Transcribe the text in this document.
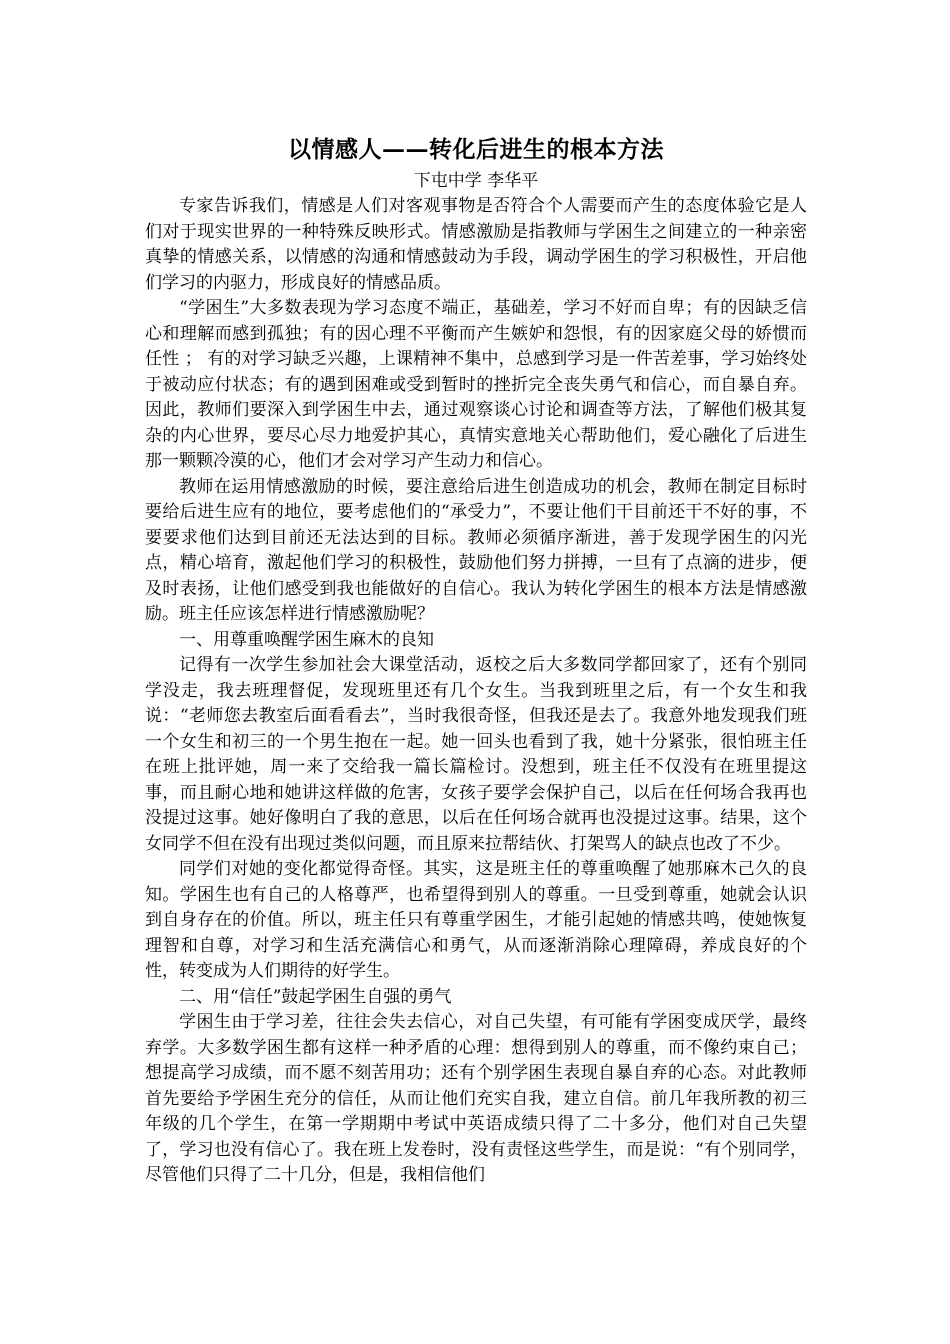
以情感人——转化后进生的根本方法

下屯中学 李华平

专家告诉我们，情感是人们对客观事物是否符合个人需要而产生的态度体验它是人们对于现实世界的一种特殊反映形式。情感激励是指教师与学困生之间建立的一种亲密真挚的情感关系，以情感的沟通和情感鼓动为手段，调动学困生的学习积极性，开启他们学习的内驱力，形成良好的情感品质。

“学困生”大多数表现为学习态度不端正，基础差，学习不好而自卑；有的因缺乏信心和理解而感到孤独；有的因心理不平衡而产生嫉妒和怨恨，有的因家庭父母的娇惯而任性 ； 有的对学习缺乏兴趣，上课精神不集中，总感到学习是一件苦差事，学习始终处于被动应付状态；有的遇到困难或受到暂时的挫折完全丧失勇气和信心，而自暴自弃。因此，教师们要深入到学困生中去，通过观察谈心讨论和调查等方法，了解他们极其复杂的内心世界，要尽心尽力地爱护其心，真情实意地关心帮助他们，爱心融化了后进生那一颗颗冷漠的心，他们才会对学习产生动力和信心。

教师在运用情感激励的时候，要注意给后进生创造成功的机会，教师在制定目标时要给后进生应有的地位，要考虑他们的“承受力”，不要让他们干目前还干不好的事，不要要求他们达到目前还无法达到的目标。教师必须循序渐进，善于发现学困生的闪光点，精心培育，激起他们学习的积极性，鼓励他们努力拼搏，一旦有了点滴的进步，便及时表扬，让他们感受到我也能做好的自信心。我认为转化学困生的根本方法是情感激励。班主任应该怎样进行情感激励呢？

一、用尊重唤醒学困生麻木的良知

记得有一次学生参加社会大课堂活动，返校之后大多数同学都回家了，还有个别同学没走，我去班理督促，发现班里还有几个女生。当我到班里之后，有一个女生和我说：“老师您去教室后面看看去”，当时我很奇怪，但我还是去了。我意外地发现我们班一个女生和初三的一个男生抱在一起。她一回头也看到了我，她十分紧张，很怕班主任在班上批评她，周一来了交给我一篇长篇检讨。没想到，班主任不仅没有在班里提这事，而且耐心地和她讲这样做的危害，女孩子要学会保护自己，以后在任何场合我再也没提过这事。她好像明白了我的意思，以后在任何场合就再也没提过这事。结果，这个女同学不但在没有出现过类似问题，而且原来拉帮结伙、打架骂人的缺点也改了不少。

同学们对她的变化都觉得奇怪。其实，这是班主任的尊重唤醒了她那麻木己久的良知。学困生也有自己的人格尊严，也希望得到别人的尊重。一旦受到尊重，她就会认识到自身存在的价值。所以，班主任只有尊重学困生，才能引起她的情感共鸣，使她恢复理智和自尊，对学习和生活充满信心和勇气，从而逐渐消除心理障碍，养成良好的个性，转变成为人们期待的好学生。

二、用“信任”鼓起学困生自强的勇气

学困生由于学习差，往往会失去信心，对自己失望，有可能有学困变成厌学，最终弃学。大多数学困生都有这样一种矛盾的心理：想得到别人的尊重，而不像约束自己；想提高学习成绩，而不愿不刻苦用功；还有个别学困生表现自暴自弃的心态。对此教师首先要给予学困生充分的信任，从而让他们充实自我，建立自信。前几年我所教的初三年级的几个学生，在第一学期期中考试中英语成绩只得了二十多分，他们对自己失望了，学习也没有信心了。我在班上发卷时，没有责怪这些学生，而是说：“有个别同学，尽管他们只得了二十几分，但是，我相信他们
